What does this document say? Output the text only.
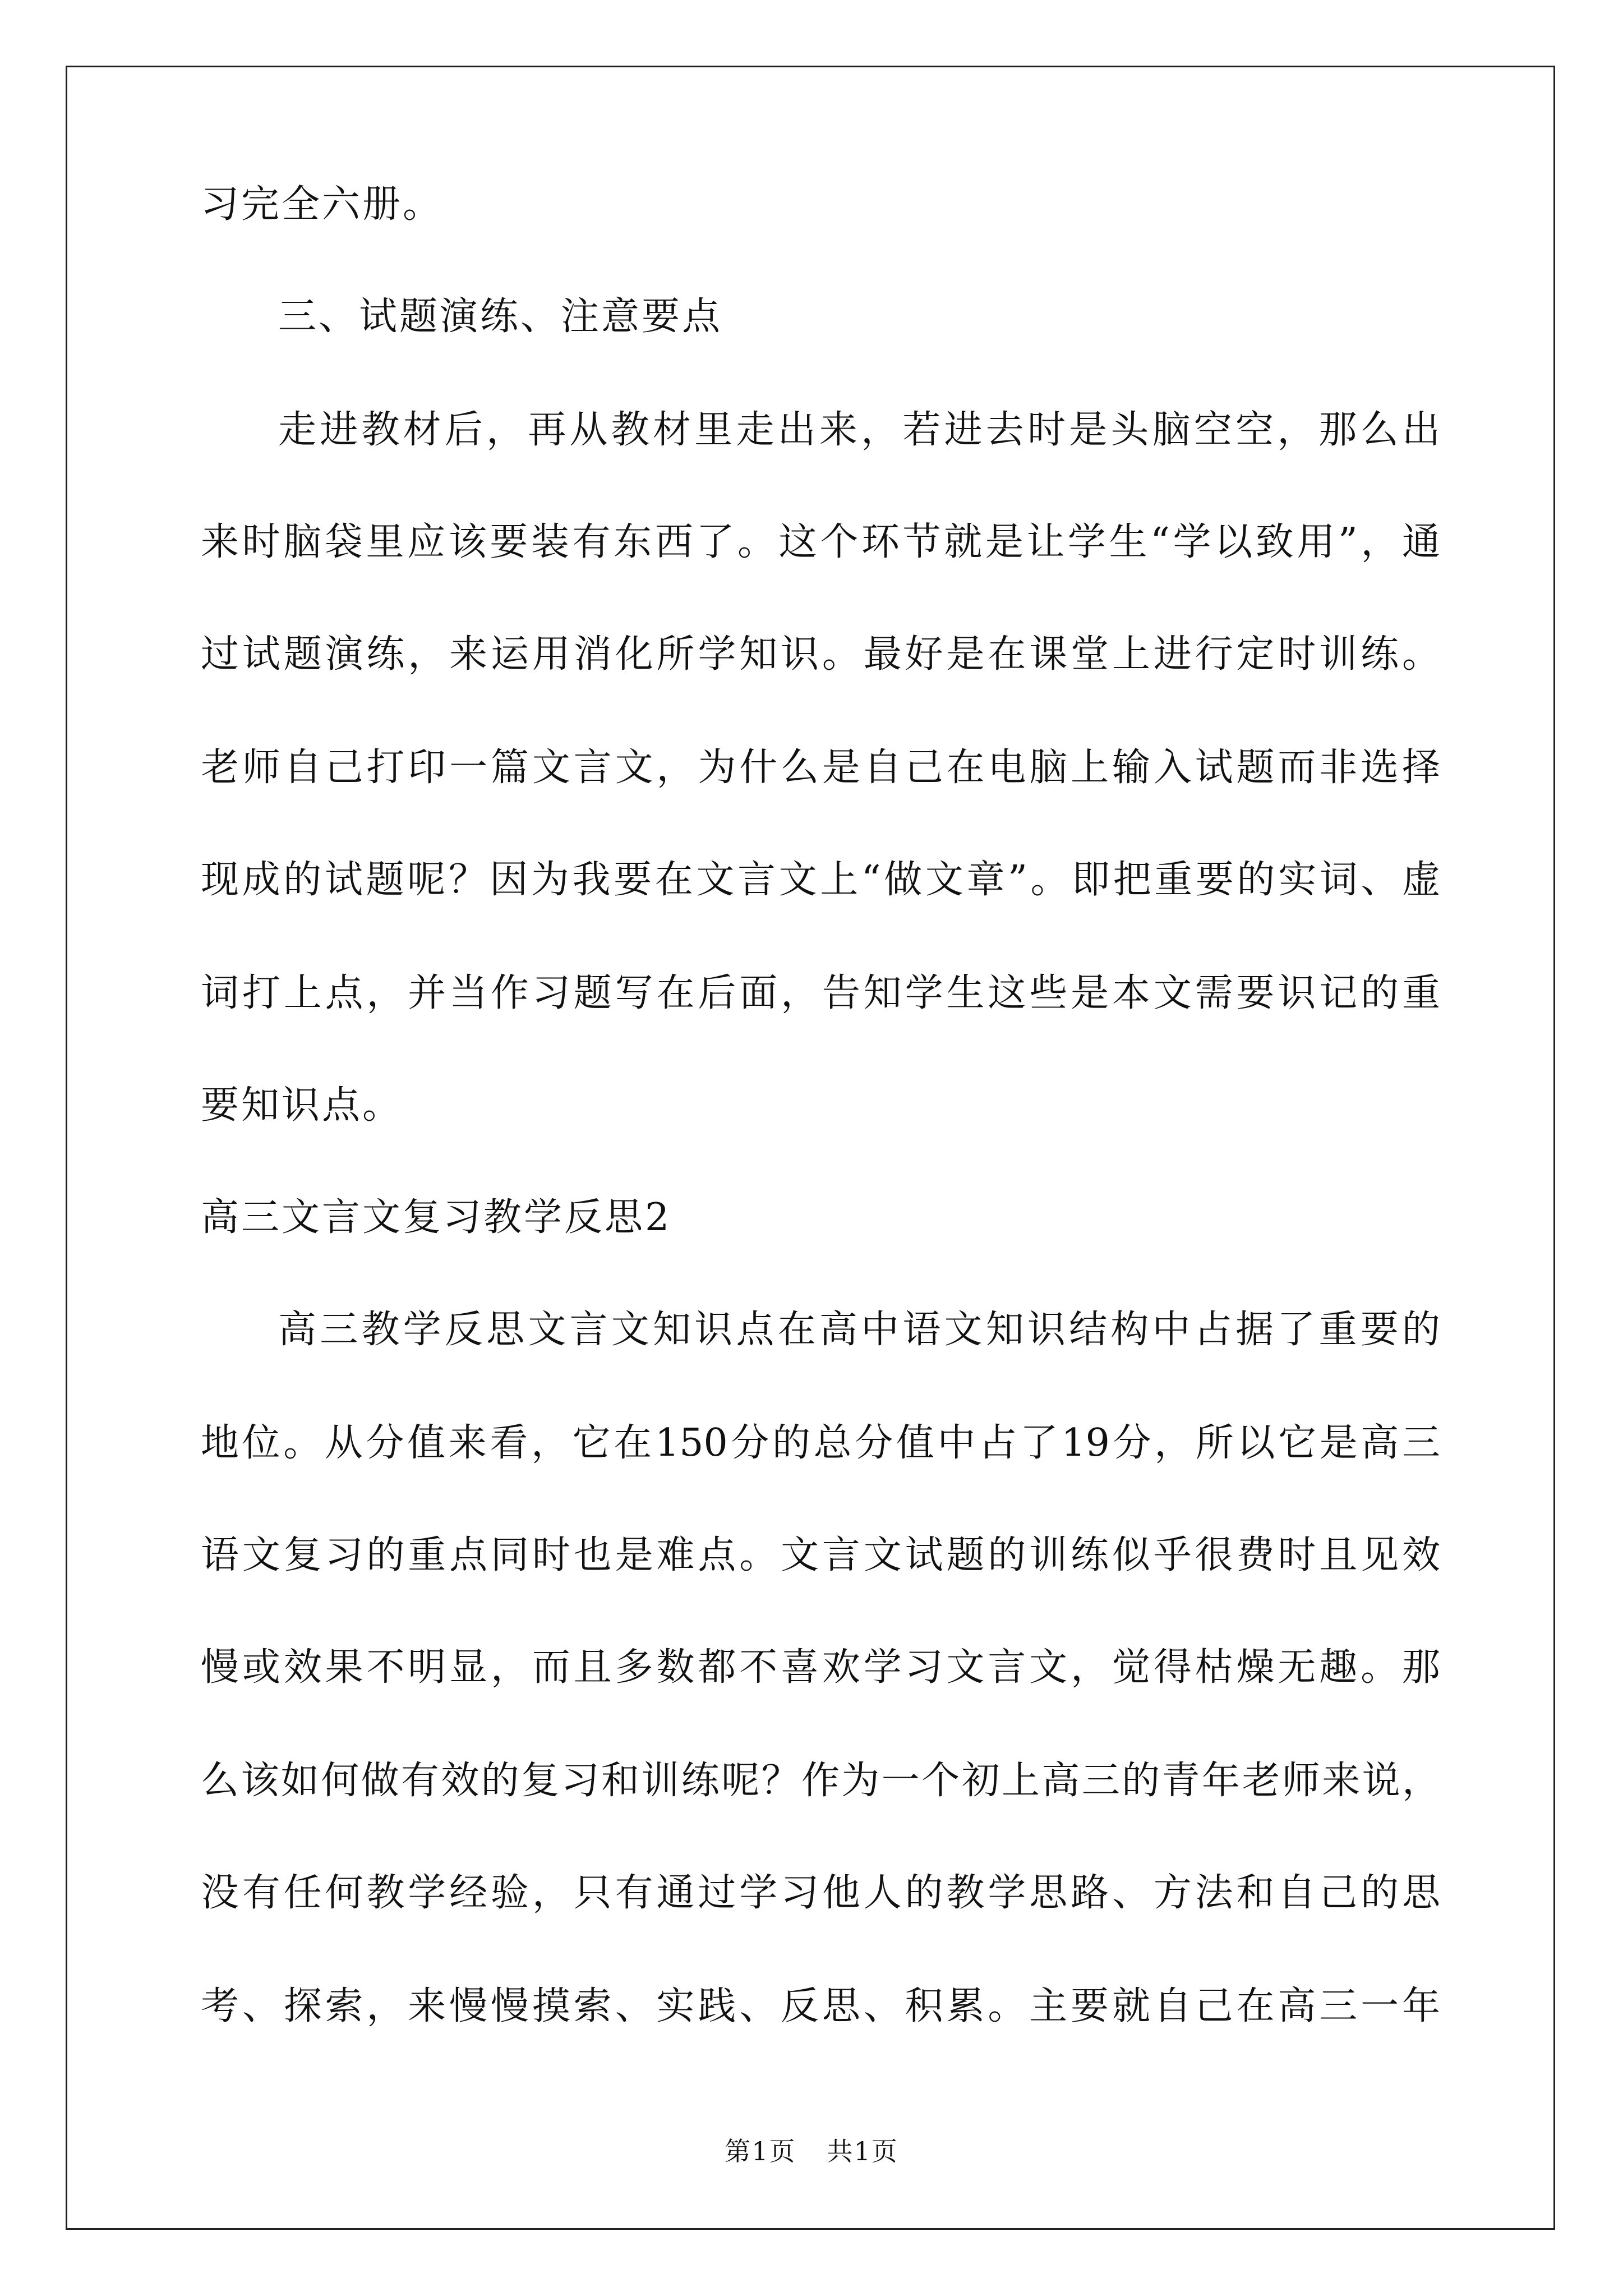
习完全六册。
三、试题演练、注意要点
走进教材后，再从教材里走出来，若进去时是头脑空空，那么出
来时脑袋里应该要装有东西了。这个环节就是让学生“学以致用”，通
过试题演练，来运用消化所学知识。最好是在课堂上进行定时训练。
老师自己打印一篇文言文，为什么是自己在电脑上输入试题而非选择
现成的试题呢？因为我要在文言文上“做文章”。即把重要的实词、虚
词打上点，并当作习题写在后面，告知学生这些是本文需要识记的重
要知识点。
高三文言文复习教学反思2
高三教学反思文言文知识点在高中语文知识结构中占据了重要的
地位。从分值来看，它在150分的总分值中占了19分，所以它是高三
语文复习的重点同时也是难点。文言文试题的训练似乎很费时且见效
慢或效果不明显，而且多数都不喜欢学习文言文，觉得枯燥无趣。那
么该如何做有效的复习和训练呢？作为一个初上高三的青年老师来说，
没有任何教学经验，只有通过学习他人的教学思路、方法和自己的思
考、探索，来慢慢摸索、实践、反思、积累。主要就自己在高三一年
第1页 共1页
